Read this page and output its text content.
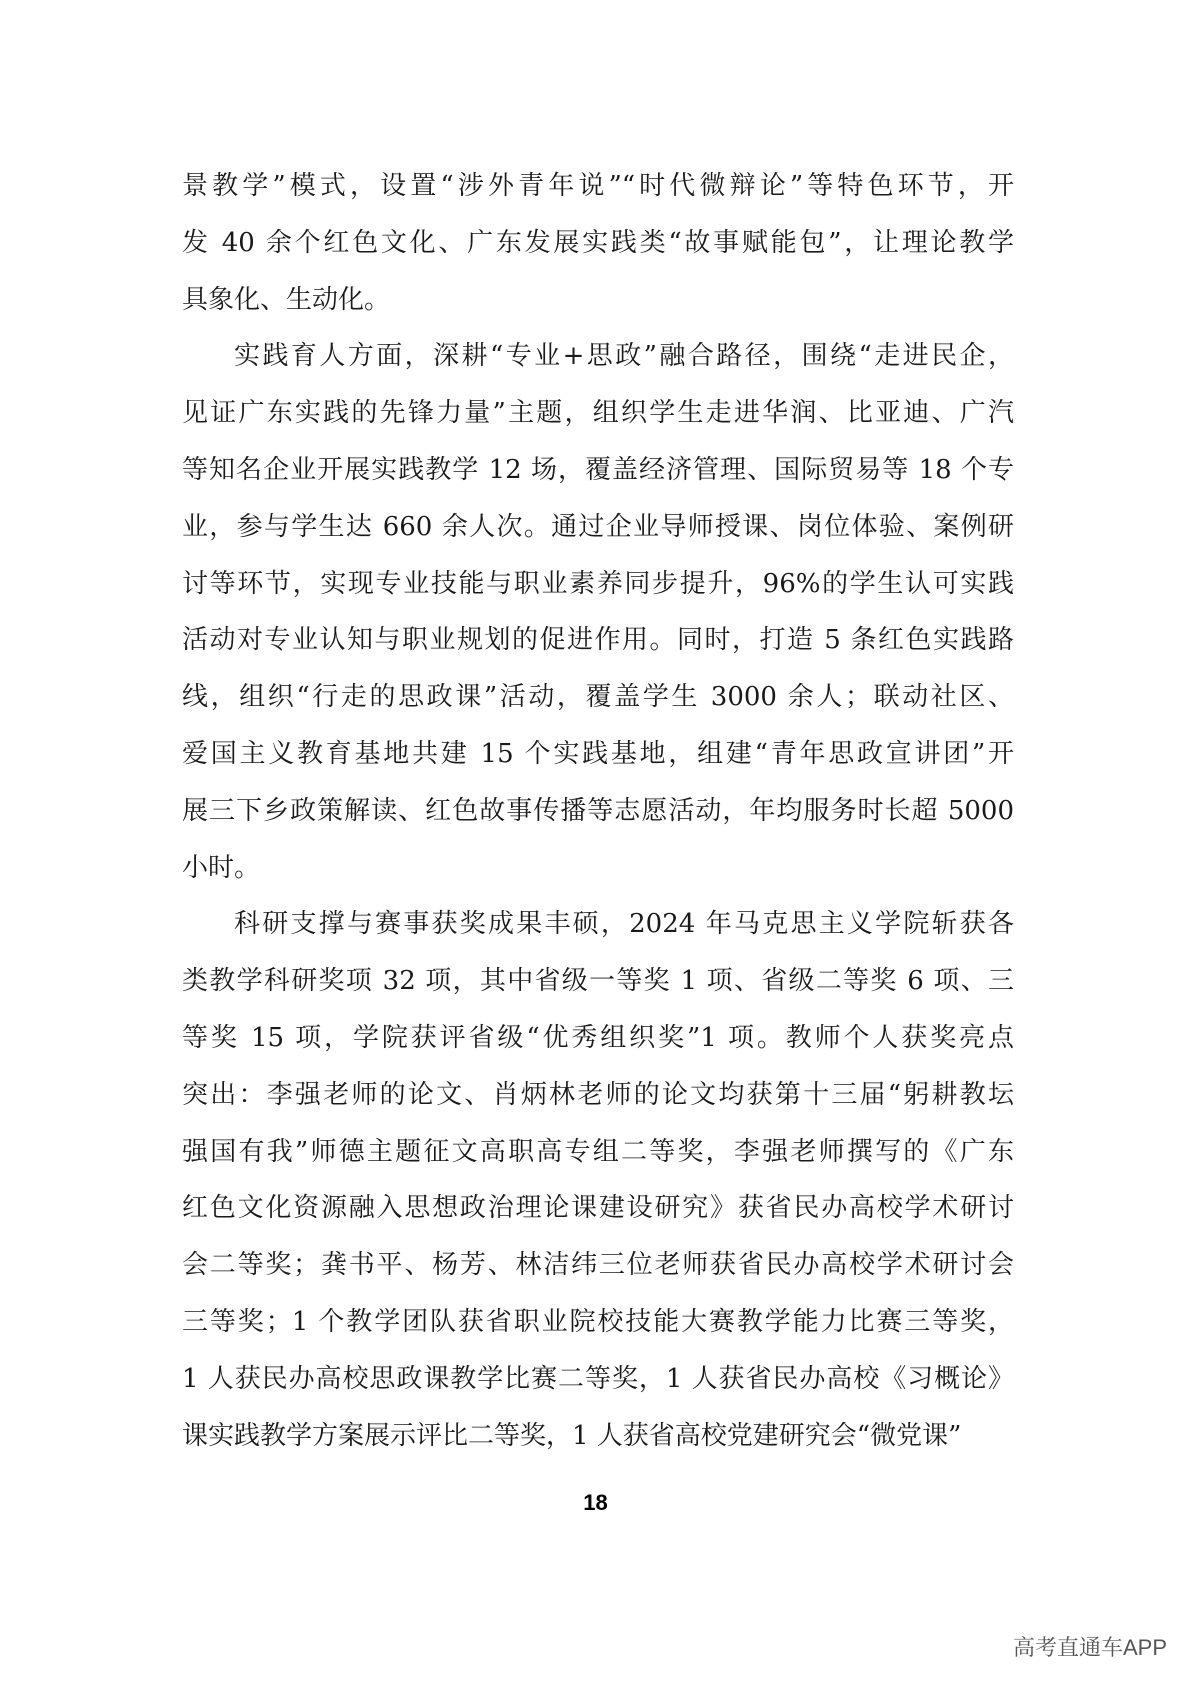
景教学”模式，设置“涉外青年说”“时代微辩论”等特色环节，开
发 40 余个红色文化、广东发展实践类“故事赋能包”，让理论教学
具象化、生动化。
实践育人方面，深耕“专业+思政”融合路径，围绕“走进民企，
见证广东实践的先锋力量”主题，组织学生走进华润、比亚迪、广汽
等知名企业开展实践教学 12 场，覆盖经济管理、国际贸易等 18 个专
业，参与学生达 660 余人次。通过企业导师授课、岗位体验、案例研
讨等环节，实现专业技能与职业素养同步提升，96%的学生认可实践
活动对专业认知与职业规划的促进作用。同时，打造 5 条红色实践路
线，组织“行走的思政课”活动，覆盖学生 3000 余人；联动社区、
爱国主义教育基地共建 15 个实践基地，组建“青年思政宣讲团”开
展三下乡政策解读、红色故事传播等志愿活动，年均服务时长超 5000
小时。
科研支撑与赛事获奖成果丰硕，2024 年马克思主义学院斩获各
类教学科研奖项 32 项，其中省级一等奖 1 项、省级二等奖 6 项、三
等奖 15 项，学院获评省级“优秀组织奖”1 项。教师个人获奖亮点
突出：李强老师的论文、肖炳林老师的论文均获第十三届“躬耕教坛
强国有我”师德主题征文高职高专组二等奖，李强老师撰写的《广东
红色文化资源融入思想政治理论课建设研究》获省民办高校学术研讨
会二等奖；龚书平、杨芳、林洁纬三位老师获省民办高校学术研讨会
三等奖；1 个教学团队获省职业院校技能大赛教学能力比赛三等奖，
1 人获民办高校思政课教学比赛二等奖，1 人获省民办高校《习概论》
课实践教学方案展示评比二等奖，1 人获省高校党建研究会“微党课”
18
高考直通车APP
